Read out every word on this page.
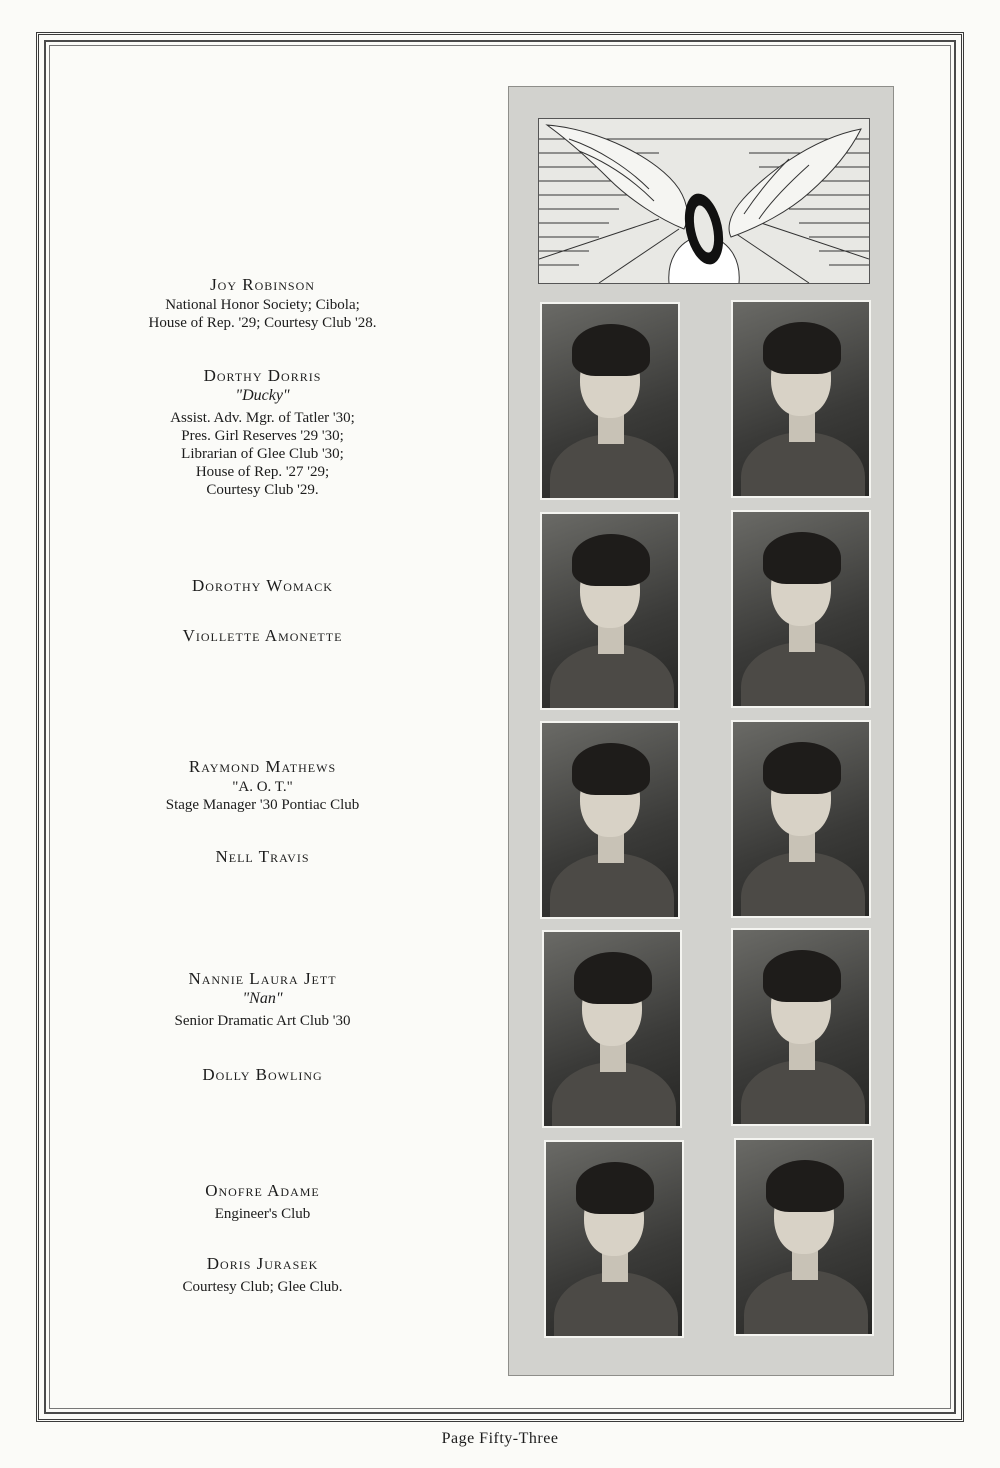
Joy Robinson
National Honor Society; Cibola;
House of Rep. '29; Courtesy Club '28.
Dorthy Dorris
"Ducky"
Assist. Adv. Mgr. of Tatler '30;
Pres. Girl Reserves '29 '30;
Librarian of Glee Club '30;
House of Rep. '27 '29;
Courtesy Club '29.
Dorothy Womack
Viollette Amonette
Raymond Mathews
"A. O. T."
Stage Manager '30 Pontiac Club
Nell Travis
Nannie Laura Jett
"Nan"
Senior Dramatic Art Club '30
Dolly Bowling
Onofre Adame
Engineer's Club
Doris Jurasek
Courtesy Club; Glee Club.
Page Fifty-Three
